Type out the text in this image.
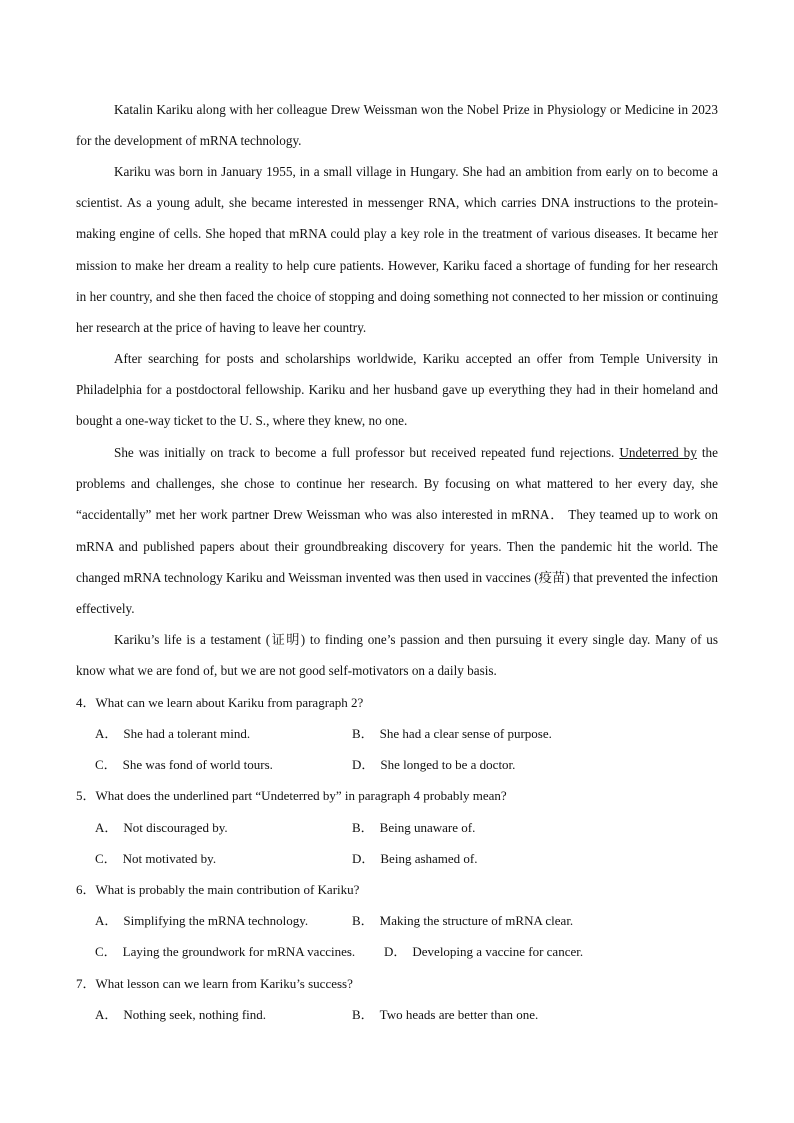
Katalin Kariku along with her colleague Drew Weissman won the Nobel Prize in Physiology or Medicine in 2023 for the development of mRNA technology.

Kariku was born in January 1955, in a small village in Hungary. She had an ambition from early on to become a scientist. As a young adult, she became interested in messenger RNA, which carries DNA instructions to the protein-making engine of cells. She hoped that mRNA could play a key role in the treatment of various diseases. It became her mission to make her dream a reality to help cure patients. However, Kariku faced a shortage of funding for her research in her country, and she then faced the choice of stopping and doing something not connected to her mission or continuing her research at the price of having to leave her country.

After searching for posts and scholarships worldwide, Kariku accepted an offer from Temple University in Philadelphia for a postdoctoral fellowship. Kariku and her husband gave up everything they had in their homeland and bought a one-way ticket to the U. S., where they knew, no one.

She was initially on track to become a full professor but received repeated fund rejections. Undeterred by the problems and challenges, she chose to continue her research. By focusing on what mattered to her every day, she “accidentally” met her work partner Drew Weissman who was also interested in mRNA． They teamed up to work on mRNA and published papers about their groundbreaking discovery for years. Then the pandemic hit the world. The changed mRNA technology Kariku and Weissman invented was then used in vaccines (疫苗) that prevented the infection effectively.

Kariku’s life is a testament (证明) to finding one’s passion and then pursuing it every single day. Many of us know what we are fond of, but we are not good self-motivators on a daily basis.

4．What can we learn about Kariku from paragraph 2?
A． She had a tolerant mind.	B． She had a clear sense of purpose.
C． She was fond of world tours.	D． She longed to be a doctor.
5．What does the underlined part “Undeterred by” in paragraph 4 probably mean?
A． Not discouraged by.	B． Being unaware of.
C． Not motivated by.	D． Being ashamed of.
6．What is probably the main contribution of Kariku?
A． Simplifying the mRNA technology.	B． Making the structure of mRNA clear.
C． Laying the groundwork for mRNA vaccines. D． Developing a vaccine for cancer.
7．What lesson can we learn from Kariku’s success?
A． Nothing seek, nothing find.	B． Two heads are better than one.
